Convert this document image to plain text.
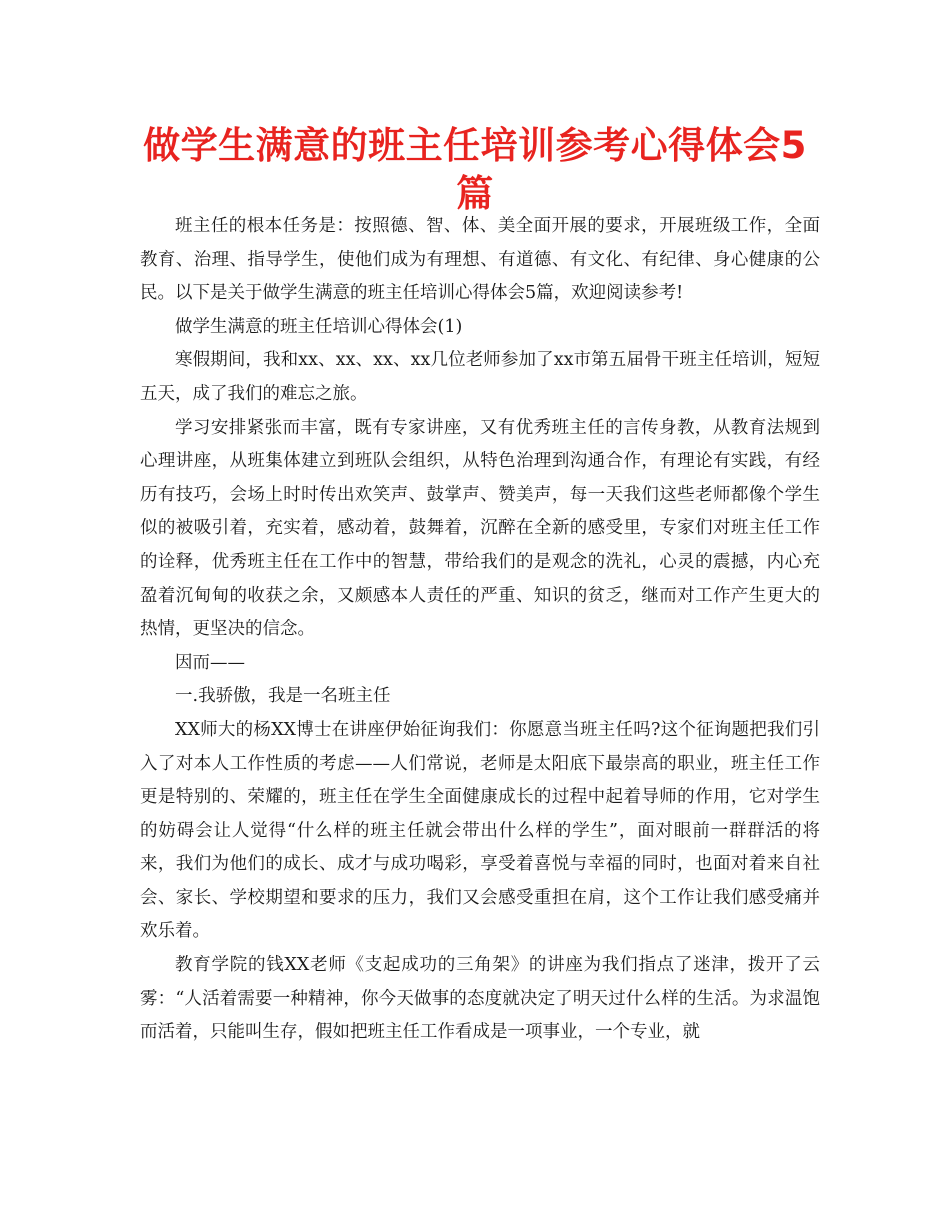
做学生满意的班主任培训参考心得体会5篇

班主任的根本任务是：按照德、智、体、美全面开展的要求，开展班级工作，全面教育、治理、指导学生，使他们成为有理想、有道德、有文化、有纪律、身心健康的公民。以下是关于做学生满意的班主任培训心得体会5篇，欢迎阅读参考!

做学生满意的班主任培训心得体会(1)

寒假期间，我和xx、xx、xx、xx几位老师参加了xx市第五届骨干班主任培训，短短五天，成了我们的难忘之旅。

学习安排紧张而丰富，既有专家讲座，又有优秀班主任的言传身教，从教育法规到心理讲座，从班集体建立到班队会组织，从特色治理到沟通合作，有理论有实践，有经历有技巧，会场上时时传出欢笑声、鼓掌声、赞美声，每一天我们这些老师都像个学生似的被吸引着，充实着，感动着，鼓舞着，沉醉在全新的感受里，专家们对班主任工作的诠释，优秀班主任在工作中的智慧，带给我们的是观念的洗礼，心灵的震撼，内心充盈着沉甸甸的收获之余，又颇感本人责任的严重、知识的贫乏，继而对工作产生更大的热情，更坚决的信念。

因而——

一.我骄傲，我是一名班主任

XX师大的杨XX博士在讲座伊始征询我们：你愿意当班主任吗?这个征询题把我们引入了对本人工作性质的考虑——人们常说，老师是太阳底下最崇高的职业，班主任工作更是特别的、荣耀的，班主任在学生全面健康成长的过程中起着导师的作用，它对学生的妨碍会让人觉得“什么样的班主任就会带出什么样的学生”，面对眼前一群群活的将来，我们为他们的成长、成才与成功喝彩，享受着喜悦与幸福的同时，也面对着来自社会、家长、学校期望和要求的压力，我们又会感受重担在肩，这个工作让我们感受痛并欢乐着。

教育学院的钱XX老师《支起成功的三角架》的讲座为我们指点了迷津，拨开了云雾：“人活着需要一种精神，你今天做事的态度就决定了明天过什么样的生活。为求温饱而活着，只能叫生存，假如把班主任工作看成是一项事业，一个专业，就
